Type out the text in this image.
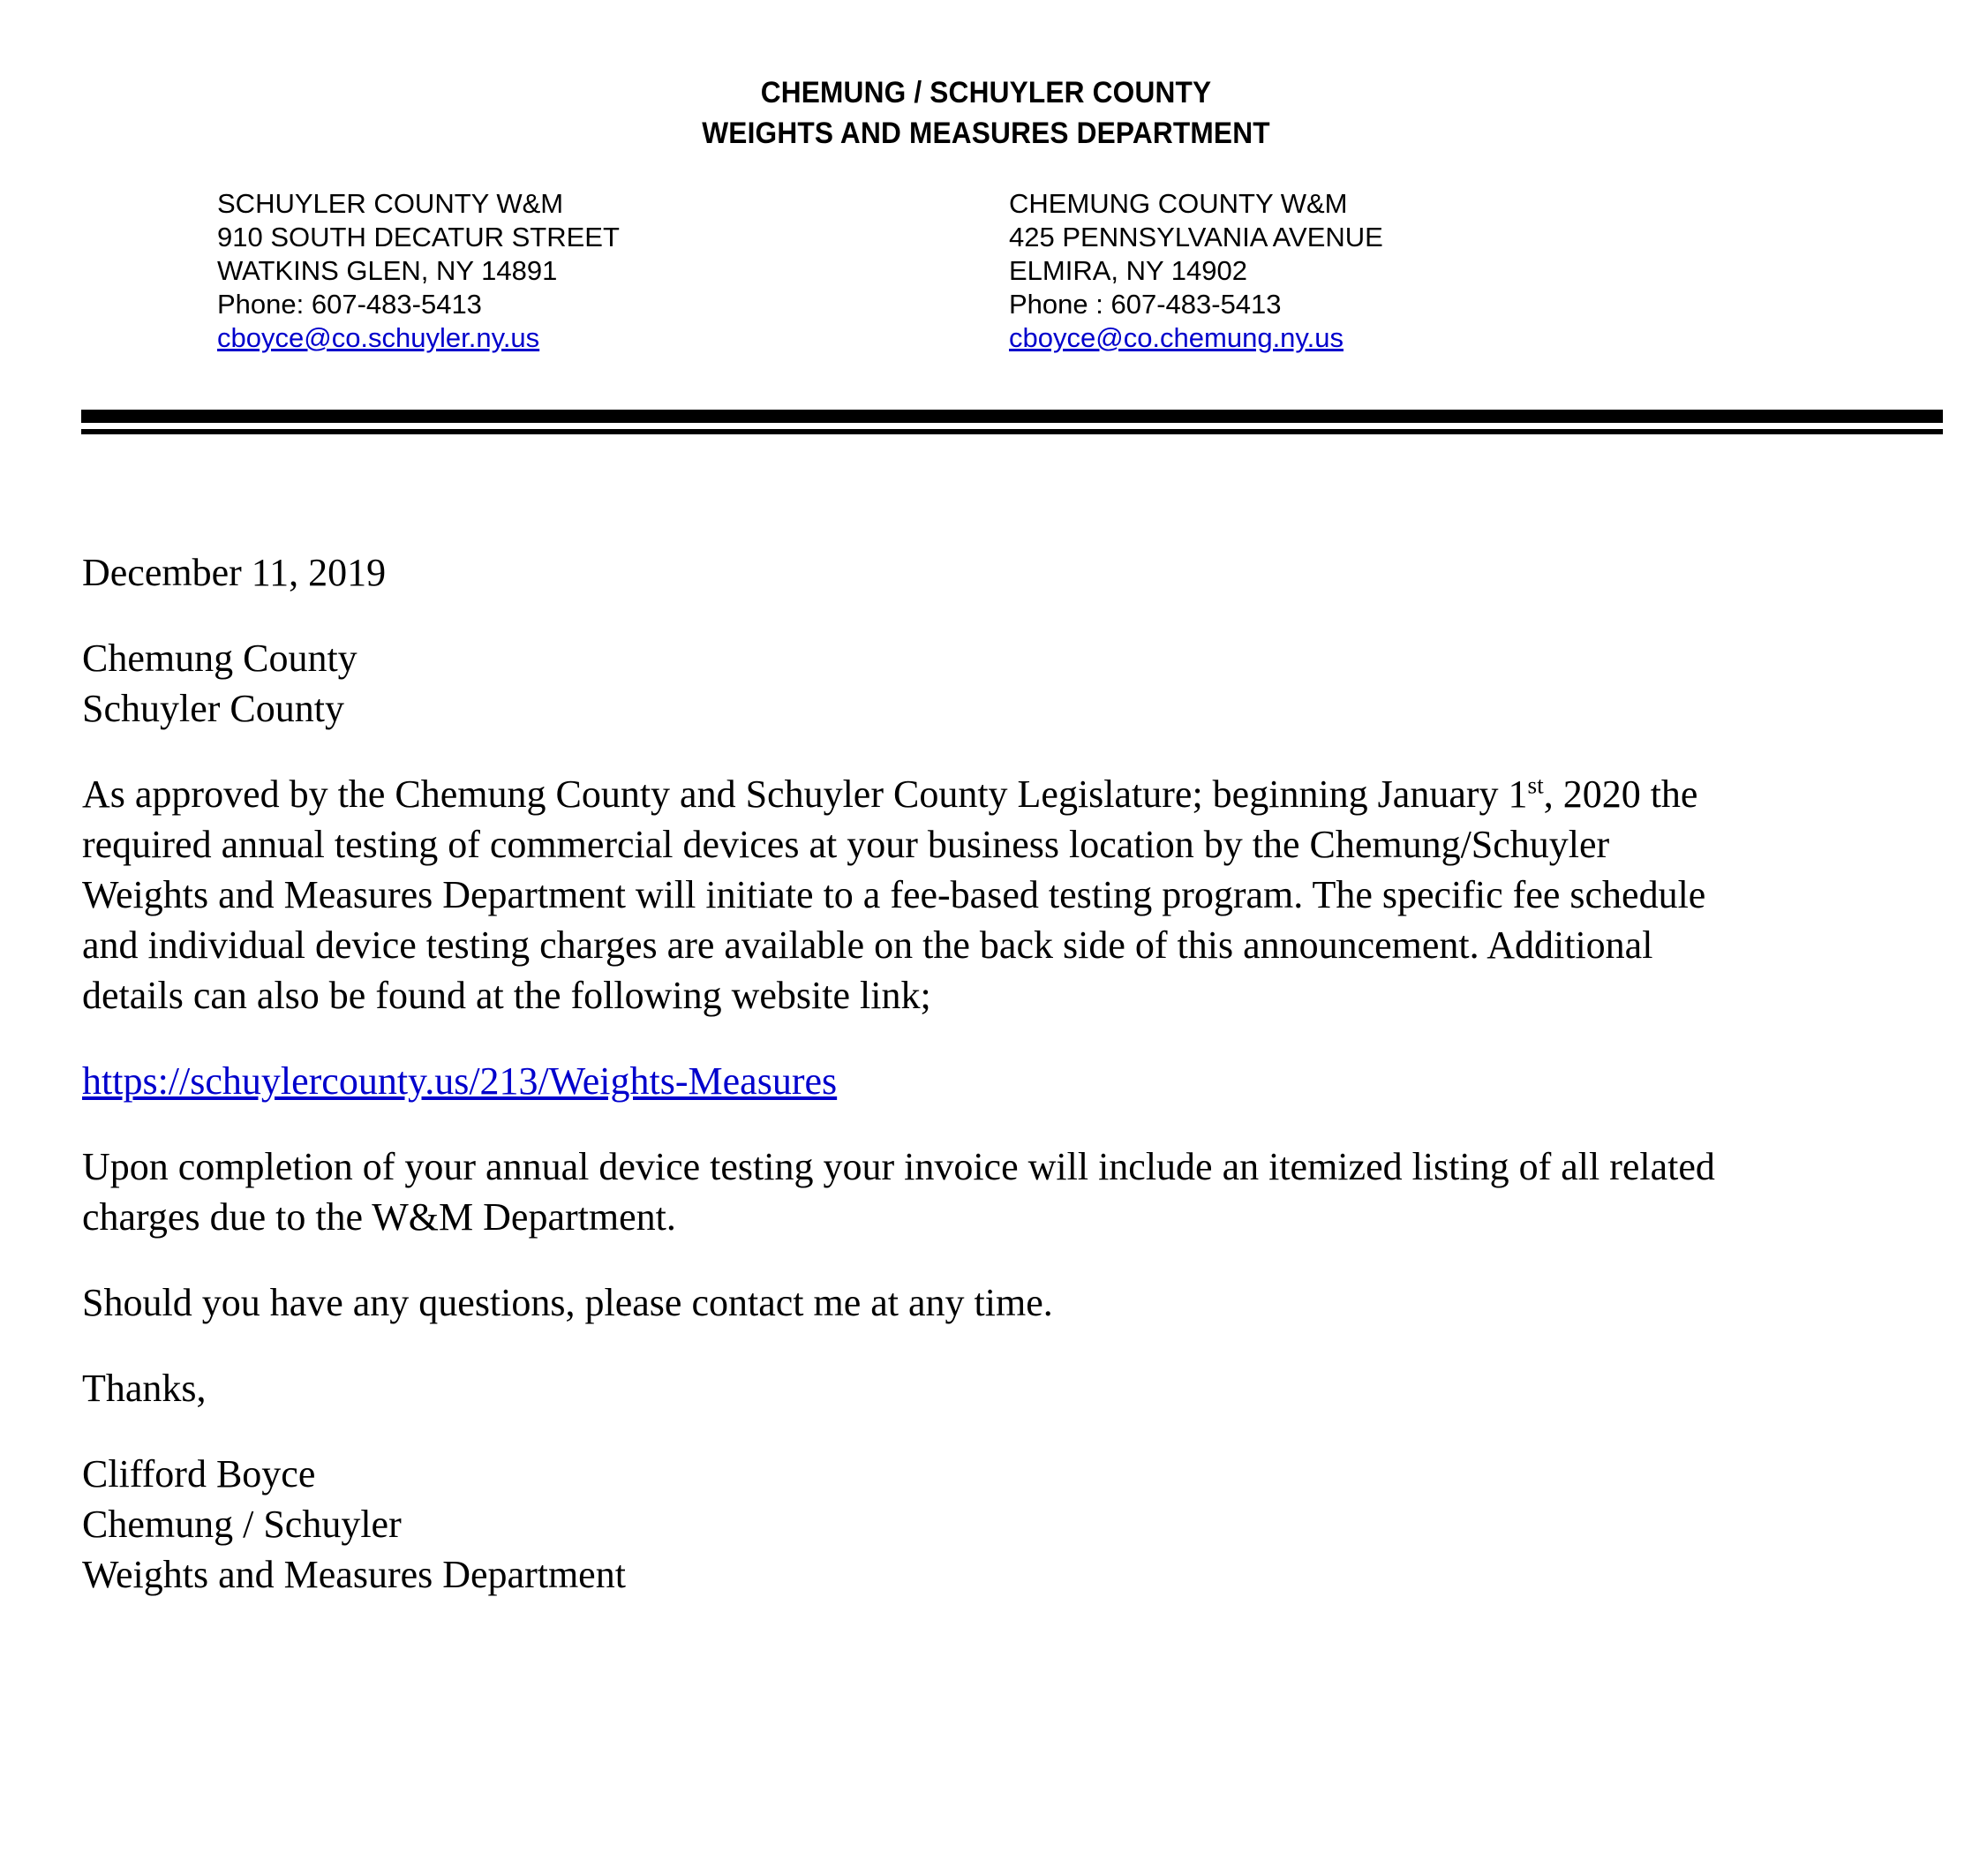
CHEMUNG / SCHUYLER COUNTY
WEIGHTS AND MEASURES DEPARTMENT
SCHUYLER COUNTY W&M
910 SOUTH DECATUR STREET
WATKINS GLEN, NY 14891
Phone: 607-483-5413
cboyce@co.schuyler.ny.us
CHEMUNG COUNTY W&M
425 PENNSYLVANIA AVENUE
ELMIRA, NY 14902
Phone : 607-483-5413
cboyce@co.chemung.ny.us

December 11, 2019

Chemung County
Schuyler County

As approved by the Chemung County and Schuyler County Legislature; beginning January 1st, 2020 the required annual testing of commercial devices at your business location by the Chemung/Schuyler Weights and Measures Department will initiate to a fee-based testing program. The specific fee schedule and individual device testing charges are available on the back side of this announcement. Additional details can also be found at the following website link;

https://schuylercounty.us/213/Weights-Measures

Upon completion of your annual device testing your invoice will include an itemized listing of all related charges due to the W&M Department.

Should you have any questions, please contact me at any time.

Thanks,

Clifford Boyce
Chemung / Schuyler
Weights and Measures Department
